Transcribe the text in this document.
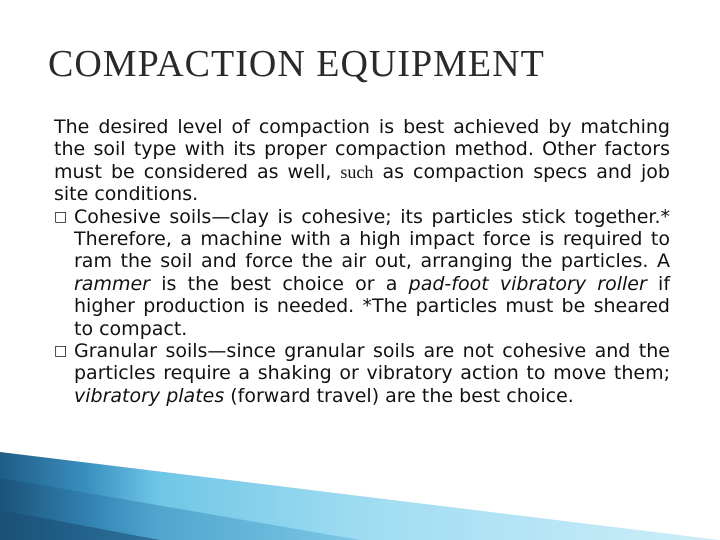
COMPACTION EQUIPMENT

The desired level of compaction is best achieved by matching the soil type with its proper compaction method. Other factors must be considered as well, such as compaction specs and job site conditions.

□ Cohesive soils—clay is cohesive; its particles stick together.* Therefore, a machine with a high impact force is required to ram the soil and force the air out, arranging the particles. A rammer is the best choice or a pad-foot vibratory roller if higher production is needed. *The particles must be sheared to compact.

□ Granular soils—since granular soils are not cohesive and the particles require a shaking or vibratory action to move them; vibratory plates (forward travel) are the best choice.
